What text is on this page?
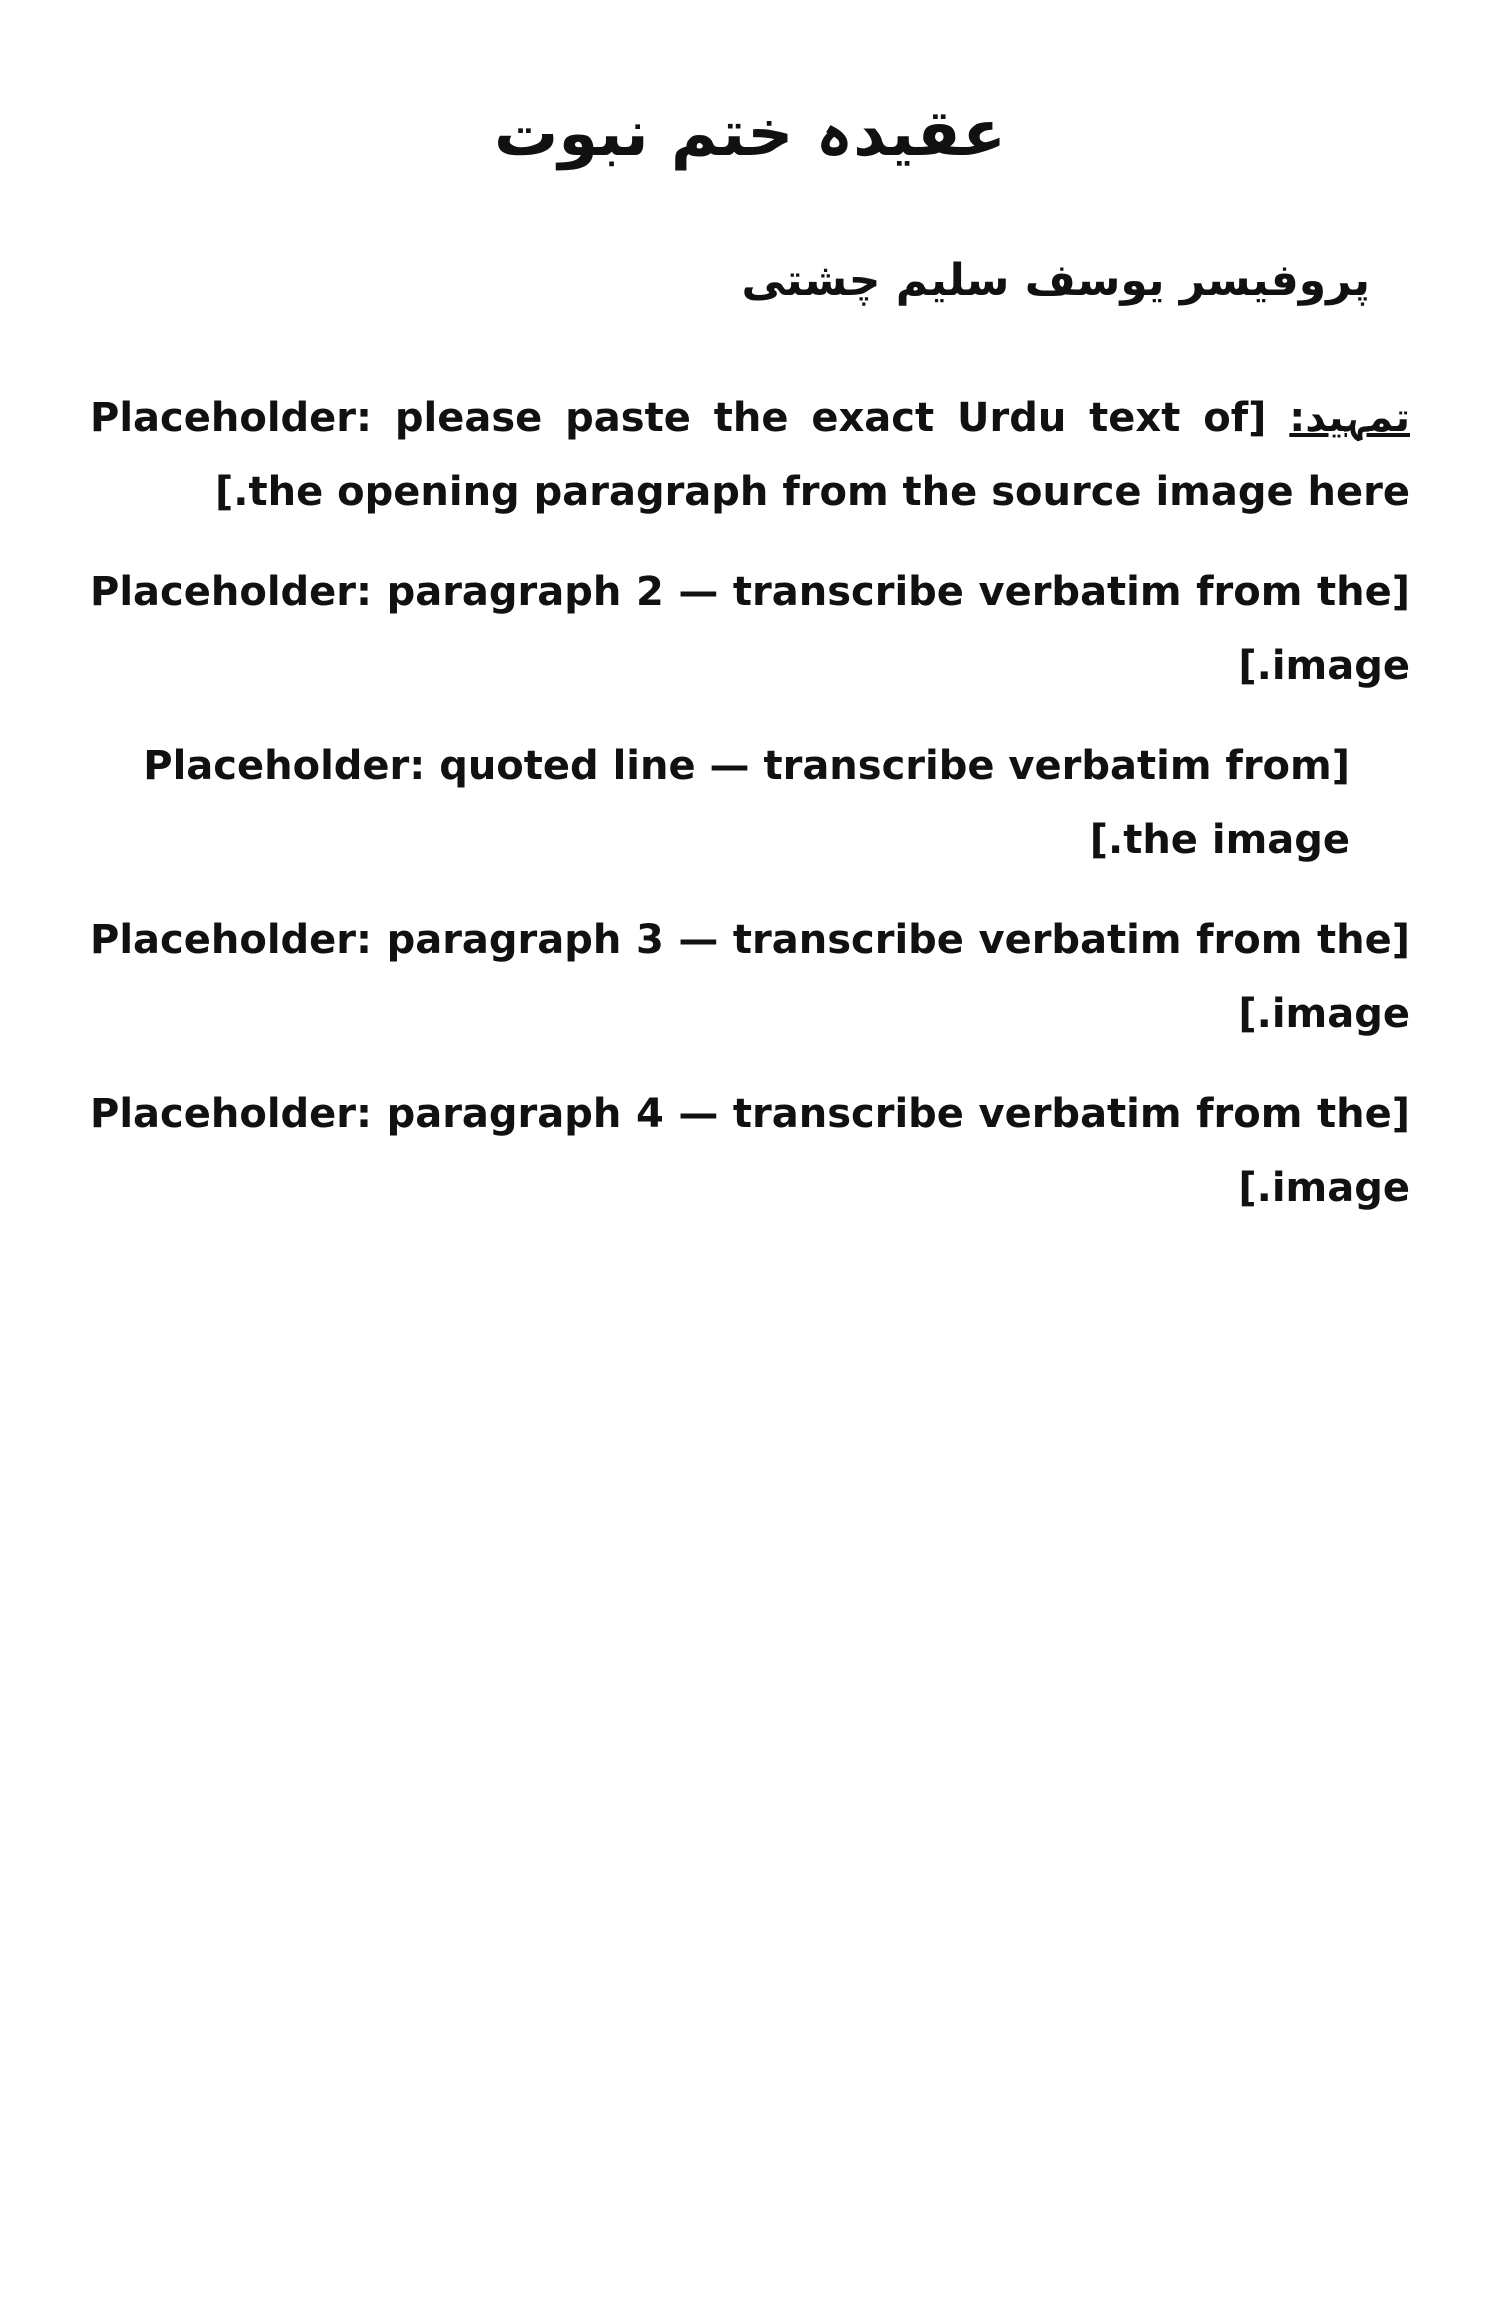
عقیدہ ختم نبوت
پروفیسر یوسف سلیم چشتی

تمہید: [Placeholder: please paste the exact Urdu text of the opening paragraph from the source image here.]

[Placeholder: paragraph 2 — transcribe verbatim from the image.]

[Placeholder: quoted line — transcribe verbatim from the image.]

[Placeholder: paragraph 3 — transcribe verbatim from the image.]

[Placeholder: paragraph 4 — transcribe verbatim from the image.]
